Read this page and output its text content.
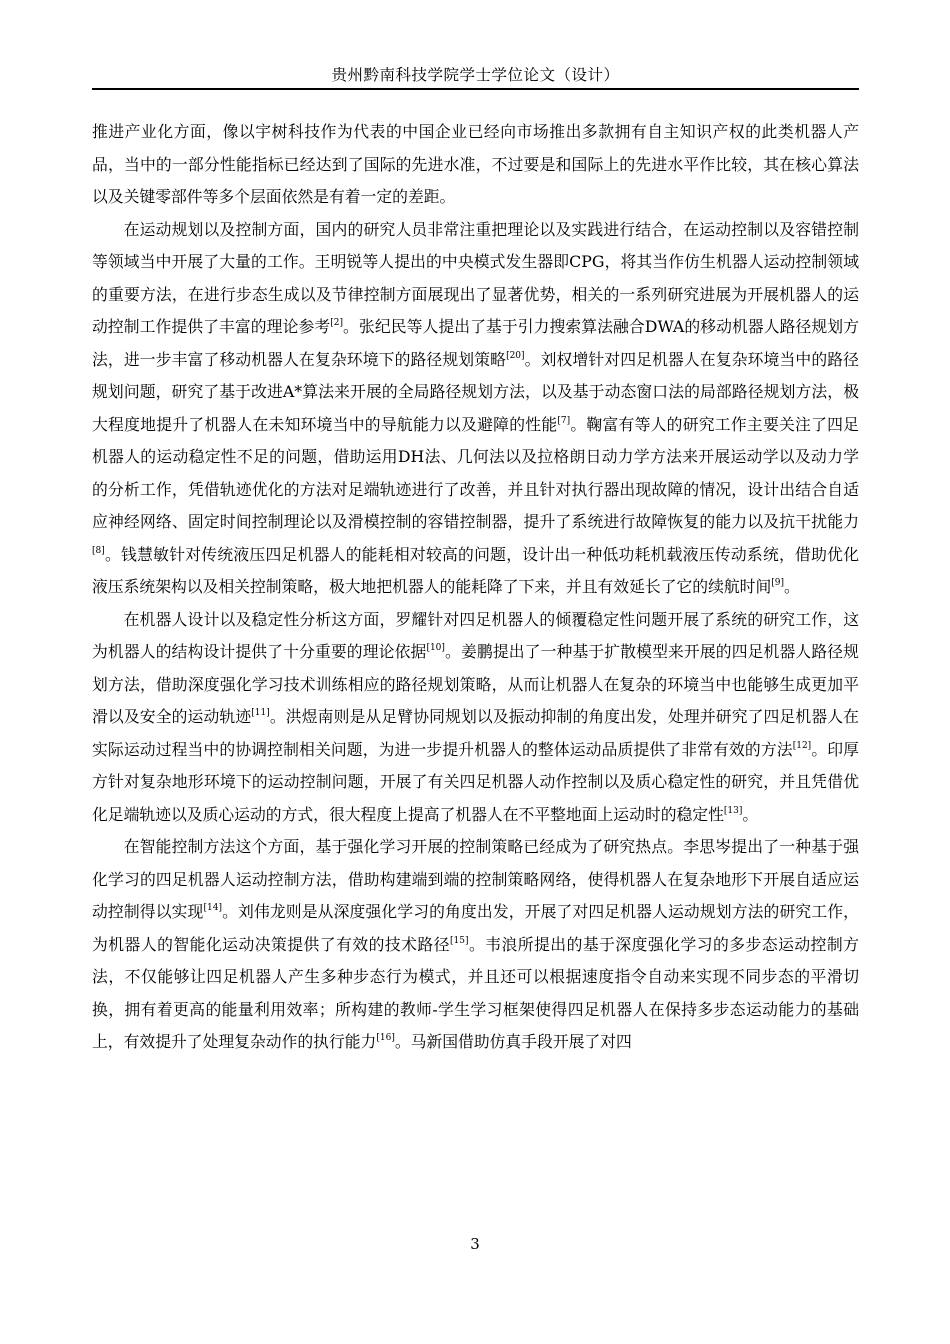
贵州黔南科技学院学士学位论文（设计）

推进产业化方面，像以宇树科技作为代表的中国企业已经向市场推出多款拥有自主知识产权的此类机器人产品，当中的一部分性能指标已经达到了国际的先进水准，不过要是和国际上的先进水平作比较，其在核心算法以及关键零部件等多个层面依然是有着一定的差距。

在运动规划以及控制方面，国内的研究人员非常注重把理论以及实践进行结合，在运动控制以及容错控制等领域当中开展了大量的工作。王明锐等人提出的中央模式发生器即CPG，将其当作仿生机器人运动控制领域的重要方法，在进行步态生成以及节律控制方面展现出了显著优势，相关的一系列研究进展为开展机器人的运动控制工作提供了丰富的理论参考[2]。张纪民等人提出了基于引力搜索算法融合DWA的移动机器人路径规划方法，进一步丰富了移动机器人在复杂环境下的路径规划策略[20]。刘权增针对四足机器人在复杂环境当中的路径规划问题，研究了基于改进A*算法来开展的全局路径规划方法，以及基于动态窗口法的局部路径规划方法，极大程度地提升了机器人在未知环境当中的导航能力以及避障的性能[7]。鞠富有等人的研究工作主要关注了四足机器人的运动稳定性不足的问题，借助运用DH法、几何法以及拉格朗日动力学方法来开展运动学以及动力学的分析工作，凭借轨迹优化的方法对足端轨迹进行了改善，并且针对执行器出现故障的情况，设计出结合自适应神经网络、固定时间控制理论以及滑模控制的容错控制器，提升了系统进行故障恢复的能力以及抗干扰能力[8]。钱慧敏针对传统液压四足机器人的能耗相对较高的问题，设计出一种低功耗机载液压传动系统，借助优化液压系统架构以及相关控制策略，极大地把机器人的能耗降了下来，并且有效延长了它的续航时间[9]。

在机器人设计以及稳定性分析这方面，罗耀针对四足机器人的倾覆稳定性问题开展了系统的研究工作，这为机器人的结构设计提供了十分重要的理论依据[10]。姜鹏提出了一种基于扩散模型来开展的四足机器人路径规划方法，借助深度强化学习技术训练相应的路径规划策略，从而让机器人在复杂的环境当中也能够生成更加平滑以及安全的运动轨迹[11]。洪煜南则是从足臂协同规划以及振动抑制的角度出发，处理并研究了四足机器人在实际运动过程当中的协调控制相关问题，为进一步提升机器人的整体运动品质提供了非常有效的方法[12]。印厚方针对复杂地形环境下的运动控制问题，开展了有关四足机器人动作控制以及质心稳定性的研究，并且凭借优化足端轨迹以及质心运动的方式，很大程度上提高了机器人在不平整地面上运动时的稳定性[13]。

在智能控制方法这个方面，基于强化学习开展的控制策略已经成为了研究热点。李思岑提出了一种基于强化学习的四足机器人运动控制方法，借助构建端到端的控制策略网络，使得机器人在复杂地形下开展自适应运动控制得以实现[14]。刘伟龙则是从深度强化学习的角度出发，开展了对四足机器人运动规划方法的研究工作，为机器人的智能化运动决策提供了有效的技术路径[15]。韦浪所提出的基于深度强化学习的多步态运动控制方法，不仅能够让四足机器人产生多种步态行为模式，并且还可以根据速度指令自动来实现不同步态的平滑切换，拥有着更高的能量利用效率；所构建的教师-学生学习框架使得四足机器人在保持多步态运动能力的基础上，有效提升了处理复杂动作的执行能力[16]。马新国借助仿真手段开展了对四

3
